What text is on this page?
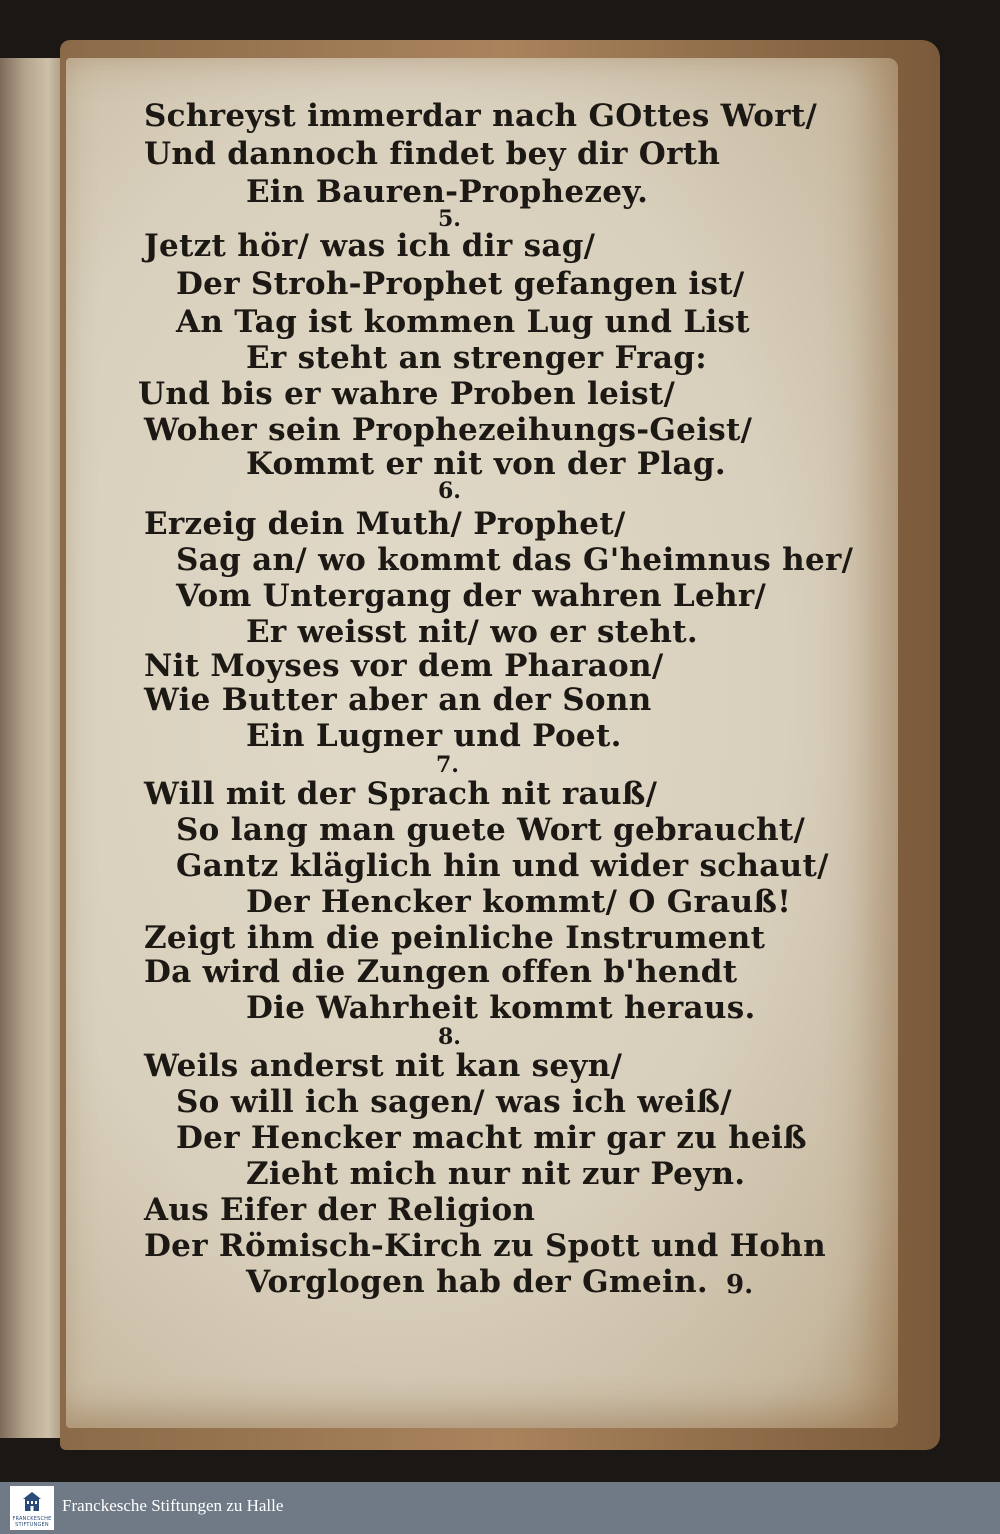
Schreyst immerdar nach GOttes Wort/
Und dannoch findet bey dir Orth
Ein Bauren-Prophezey.
5.
Jetzt hör/ was ich dir sag/
Der Stroh-Prophet gefangen ist/
An Tag ist kommen Lug und List
Er steht an strenger Frag:
Und bis er wahre Proben leist/
Woher sein Prophezeihungs-Geist/
Kommt er nit von der Plag.
6.
Erzeig dein Muth/ Prophet/
Sag an/ wo kommt das G'heimnus her/
Vom Untergang der wahren Lehr/
Er weisst nit/ wo er steht.
Nit Moyses vor dem Pharaon/
Wie Butter aber an der Sonn
Ein Lugner und Poet.
7.
Will mit der Sprach nit rauß/
So lang man guete Wort gebraucht/
Gantz kläglich hin und wider schaut/
Der Hencker kommt/ O Grauß!
Zeigt ihm die peinliche Instrument
Da wird die Zungen offen b'hendt
Die Wahrheit kommt heraus.
8.
Weils anderst nit kan seyn/
So will ich sagen/ was ich weiß/
Der Hencker macht mir gar zu heiß
Zieht mich nur nit zur Peyn.
Aus Eifer der Religion
Der Römisch-Kirch zu Spott und Hohn
Vorglogen hab der Gmein. 9.
FRANCKESCHE
STIFTUNGEN
Franckesche Stiftungen zu Halle
